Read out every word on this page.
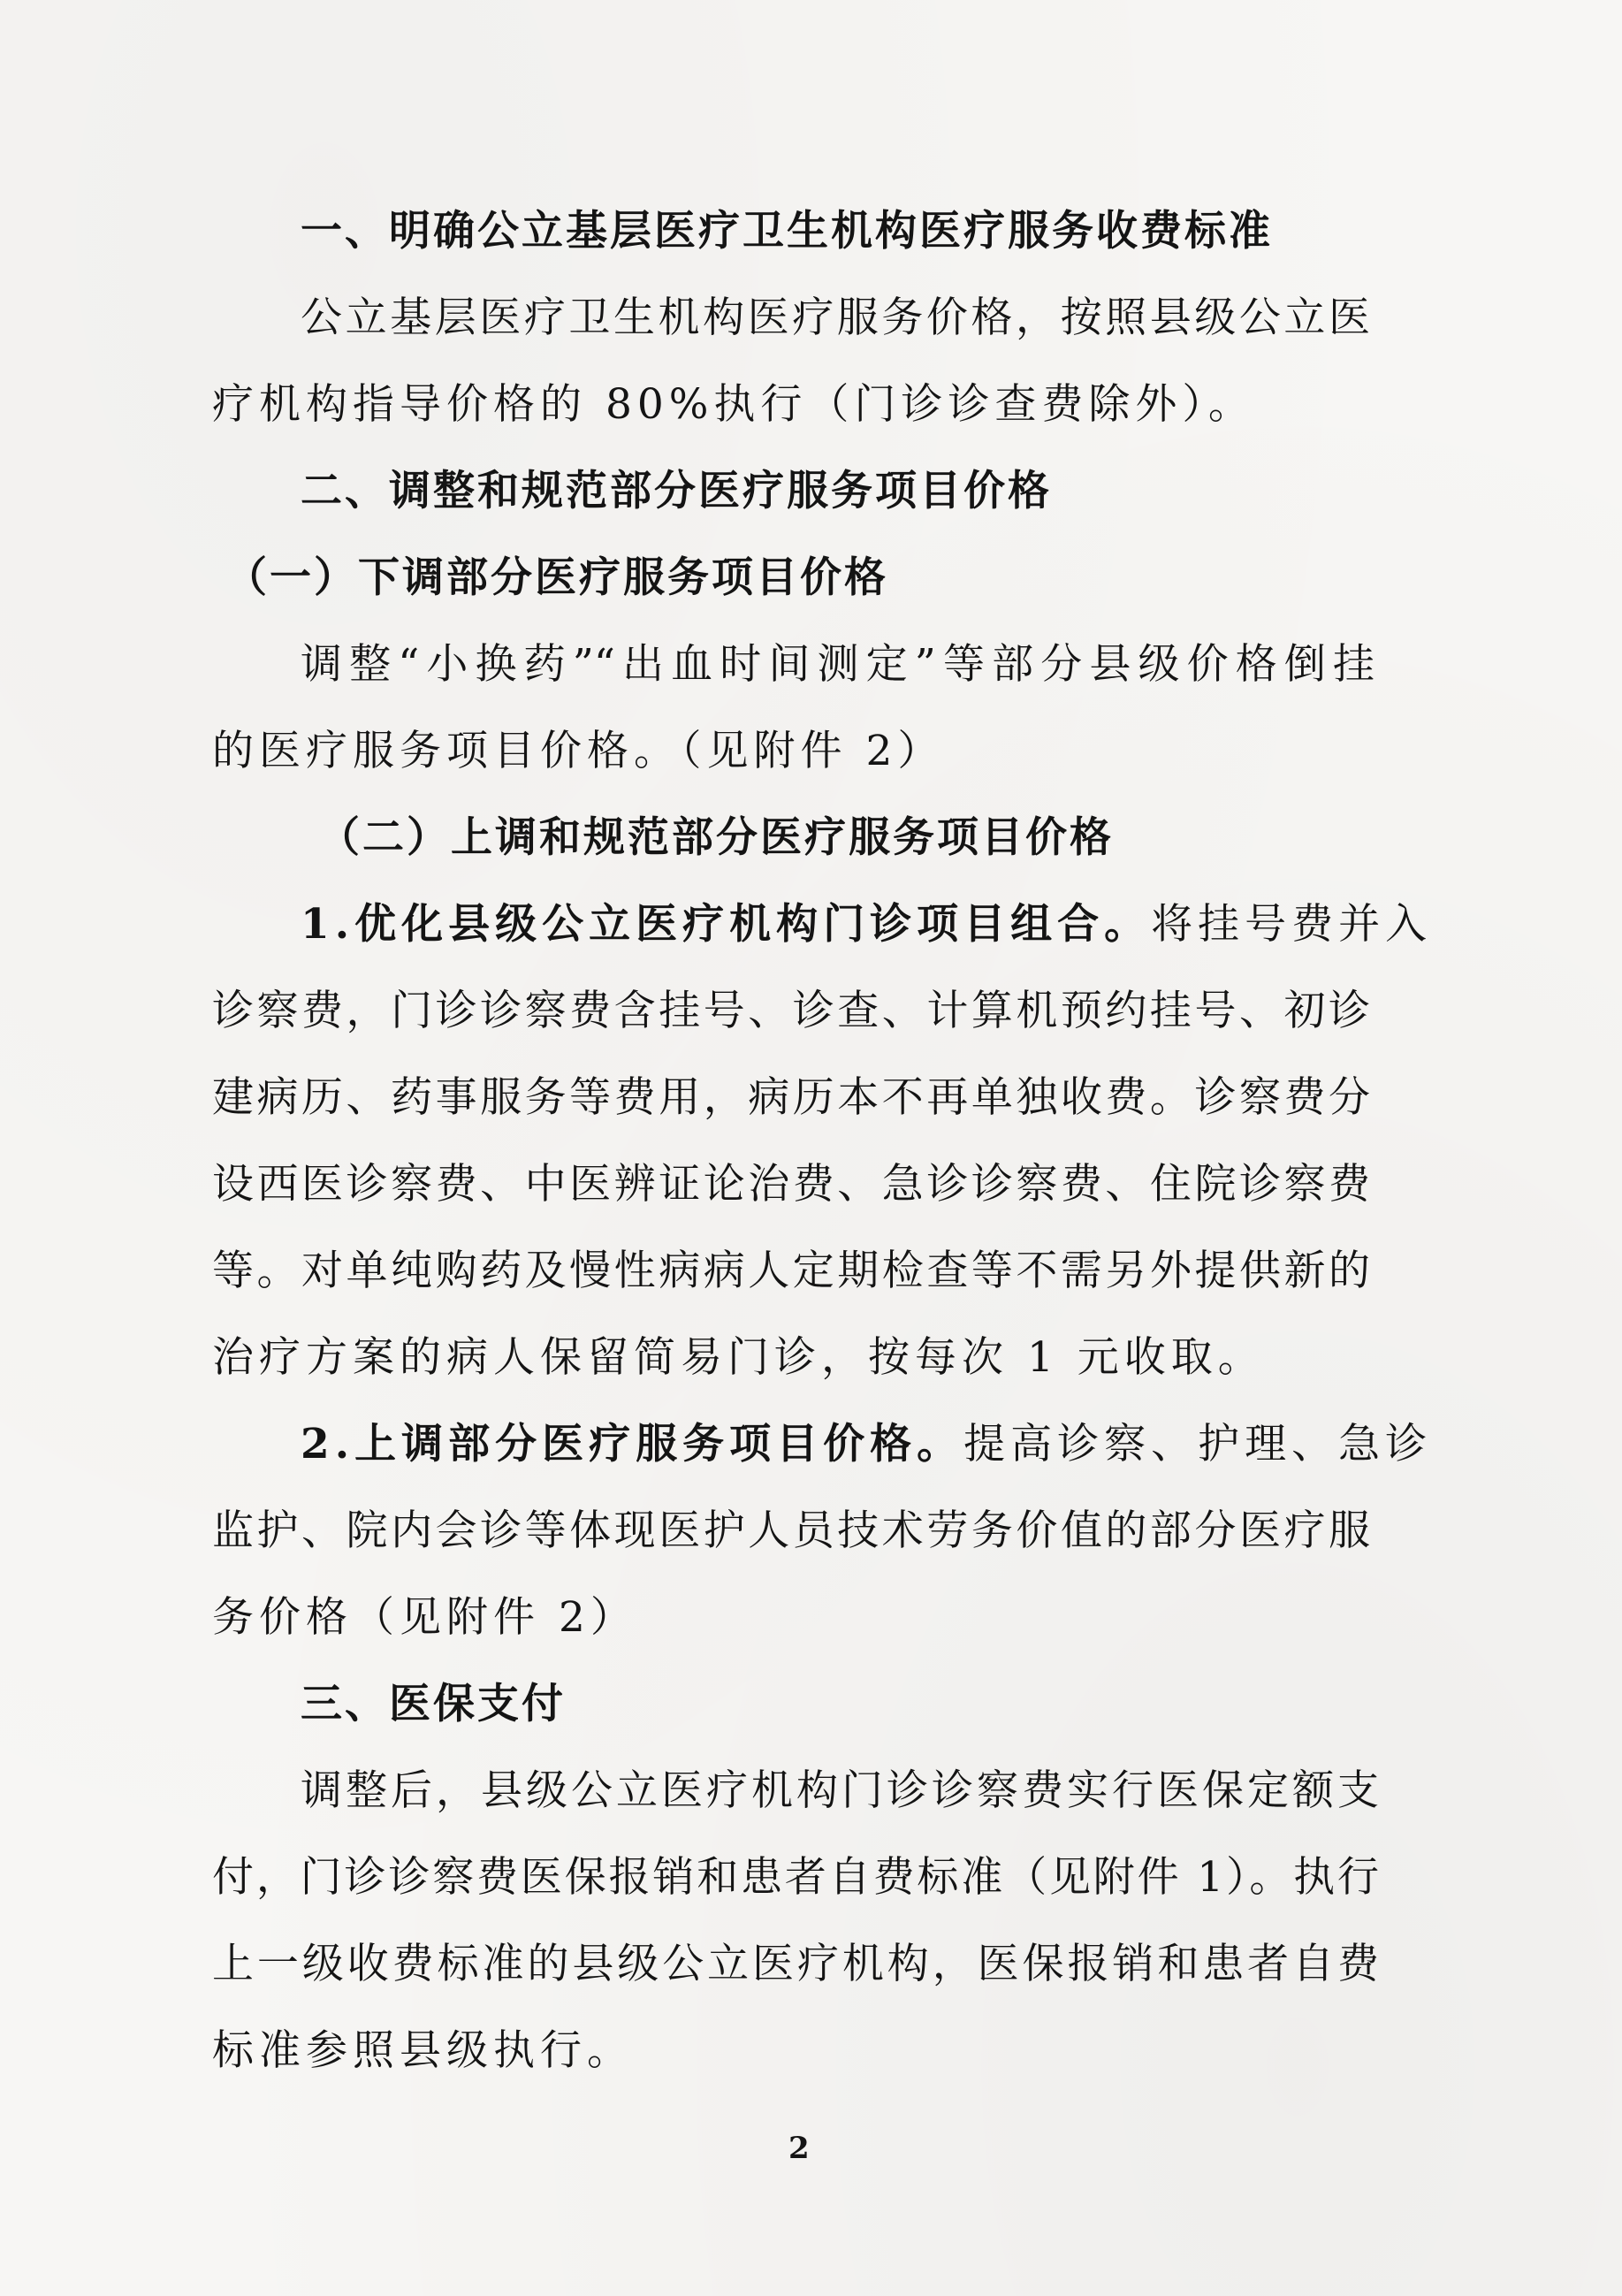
一、明确公立基层医疗卫生机构医疗服务收费标准
公立基层医疗卫生机构医疗服务价格，按照县级公立医
疗机构指导价格的 80%执行（门诊诊查费除外）。
二、调整和规范部分医疗服务项目价格
（一）下调部分医疗服务项目价格
调整“小换药”“出血时间测定”等部分县级价格倒挂
的医疗服务项目价格。（见附件 2）
（二）上调和规范部分医疗服务项目价格
1.优化县级公立医疗机构门诊项目组合。将挂号费并入
诊察费，门诊诊察费含挂号、诊查、计算机预约挂号、初诊
建病历、药事服务等费用，病历本不再单独收费。诊察费分
设西医诊察费、中医辨证论治费、急诊诊察费、住院诊察费
等。对单纯购药及慢性病病人定期检查等不需另外提供新的
治疗方案的病人保留简易门诊，按每次 1 元收取。
2.上调部分医疗服务项目价格。提高诊察、护理、急诊
监护、院内会诊等体现医护人员技术劳务价值的部分医疗服
务价格（见附件 2）
三、医保支付
调整后，县级公立医疗机构门诊诊察费实行医保定额支
付，门诊诊察费医保报销和患者自费标准（见附件 1）。执行
上一级收费标准的县级公立医疗机构，医保报销和患者自费
标准参照县级执行。
2
